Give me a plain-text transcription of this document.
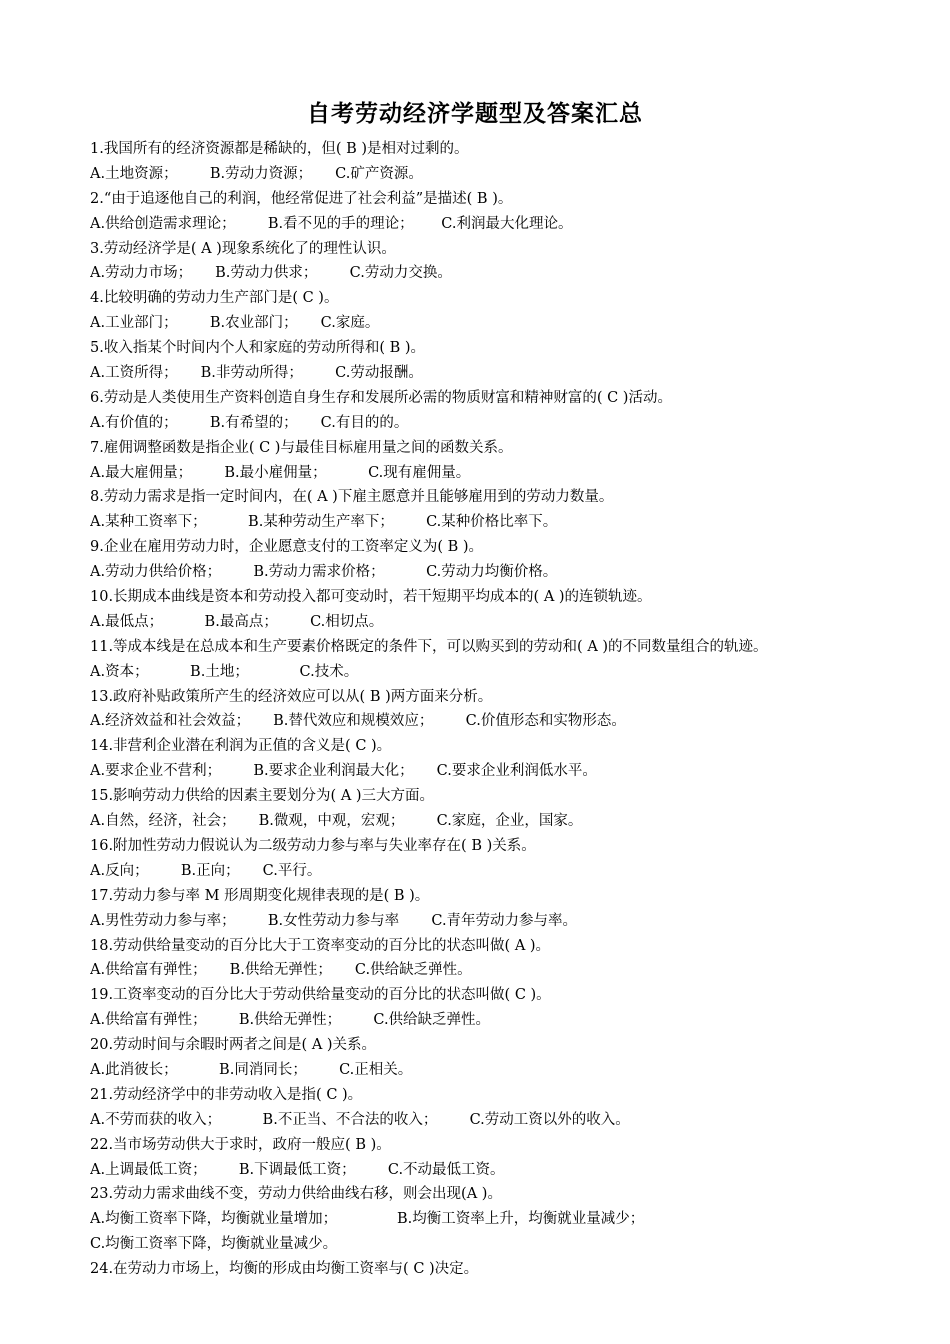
自考劳动经济学题型及答案汇总
1.我国所有的经济资源都是稀缺的，但( B )是相对过剩的。
A.土地资源；       B.劳动力资源；     C.矿产资源。
2.“由于追逐他自己的利润，他经常促进了社会利益”是描述( B )。
A.供给创造需求理论；       B.看不见的手的理论；      C.利润最大化理论。
3.劳动经济学是( A )现象系统化了的理性认识。
A.劳动力市场；     B.劳动力供求；       C.劳动力交换。
4.比较明确的劳动力生产部门是( C )。
A.工业部门；       B.农业部门；     C.家庭。
5.收入指某个时间内个人和家庭的劳动所得和( B )。
A.工资所得；     B.非劳动所得；       C.劳动报酬。
6.劳动是人类使用生产资料创造自身生存和发展所必需的物质财富和精神财富的( C )活动。
A.有价值的；       B.有希望的；     C.有目的的。
7.雇佣调整函数是指企业( C )与最佳目标雇用量之间的函数关系。
A.最大雇佣量；       B.最小雇佣量；         C.现有雇佣量。
8.劳动力需求是指一定时间内，在( A )下雇主愿意并且能够雇用到的劳动力数量。
A.某种工资率下；         B.某种劳动生产率下；       C.某种价格比率下。
9.企业在雇用劳动力时，企业愿意支付的工资率定义为( B )。
A.劳动力供给价格；       B.劳动力需求价格；         C.劳动力均衡价格。
10.长期成本曲线是资本和劳动投入都可变动时，若干短期平均成本的( A )的连锁轨迹。
A.最低点；         B.最高点；       C.相切点。
11.等成本线是在总成本和生产要素价格既定的条件下，可以购买到的劳动和( A )的不同数量组合的轨迹。
A.资本；         B.土地；           C.技术。
13.政府补贴政策所产生的经济效应可以从( B )两方面来分析。
A.经济效益和社会效益；     B.替代效应和规模效应；       C.价值形态和实物形态。
14.非营利企业潜在利润为正值的含义是( C )。
A.要求企业不营利；       B.要求企业利润最大化；     C.要求企业利润低水平。
15.影响劳动力供给的因素主要划分为( A )三大方面。
A.自然，经济，社会；     B.微观，中观，宏观；       C.家庭，企业，国家。
16.附加性劳动力假说认为二级劳动力参与率与失业率存在( B )关系。
A.反向；       B.正向；     C.平行。
17.劳动力参与率 M 形周期变化规律表现的是( B )。
A.男性劳动力参与率；       B.女性劳动力参与率       C.青年劳动力参与率。
18.劳动供给量变动的百分比大于工资率变动的百分比的状态叫做( A )。
A.供给富有弹性；     B.供给无弹性；     C.供给缺乏弹性。
19.工资率变动的百分比大于劳动供给量变动的百分比的状态叫做( C )。
A.供给富有弹性；       B.供给无弹性；       C.供给缺乏弹性。
20.劳动时间与余暇时两者之间是( A )关系。
A.此消彼长；         B.同消同长；       C.正相关。
21.劳动经济学中的非劳动收入是指( C )。
A.不劳而获的收入；         B.不正当、不合法的收入；       C.劳动工资以外的收入。
22.当市场劳动供大于求时，政府一般应( B )。
A.上调最低工资；       B.下调最低工资；       C.不动最低工资。
23.劳动力需求曲线不变，劳动力供给曲线右移，则会出现(A )。
A.均衡工资率下降，均衡就业量增加；             B.均衡工资率上升，均衡就业量减少；
C.均衡工资率下降，均衡就业量减少。
24.在劳动力市场上，均衡的形成由均衡工资率与( C )决定。
